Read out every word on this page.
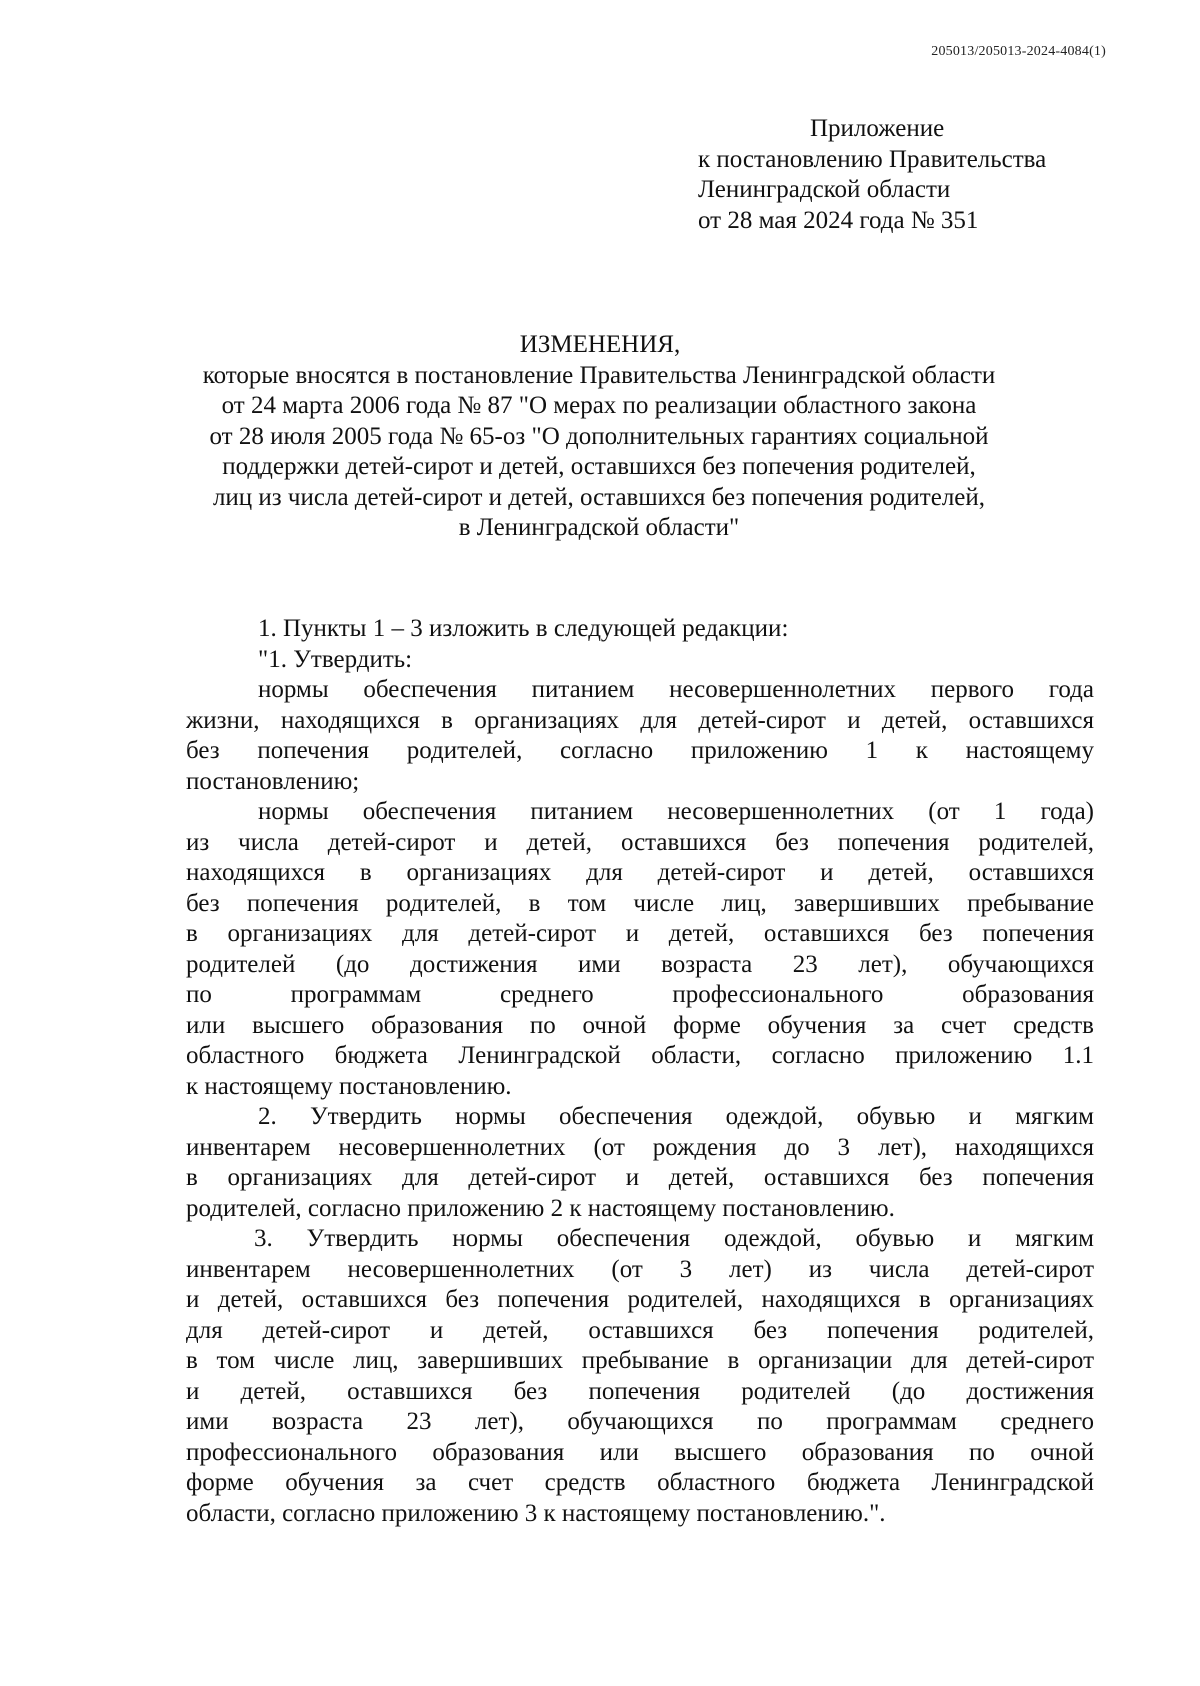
205013/205013-2024-4084(1)
Приложение
к постановлению Правительства
Ленинградской области
от 28 мая 2024 года № 351
ИЗМЕНЕНИЯ,
которые вносятся в постановление Правительства Ленинградской области
от 24 марта 2006 года № 87 "О мерах по реализации областного закона
от 28 июля 2005 года № 65-оз "О дополнительных гарантиях социальной
поддержки детей-сирот и детей, оставшихся без попечения родителей,
лиц из числа детей-сирот и детей, оставшихся без попечения родителей,
в Ленинградской области"
1. Пункты 1 – 3 изложить в следующей редакции:
"1. Утвердить:
нормы обеспечения питанием несовершеннолетних первого года
жизни, находящихся в организациях для детей-сирот и детей, оставшихся
без попечения родителей, согласно приложению 1 к настоящему
постановлению;
нормы обеспечения питанием несовершеннолетних (от 1 года)
из числа детей-сирот и детей, оставшихся без попечения родителей,
находящихся в организациях для детей-сирот и детей, оставшихся
без попечения родителей, в том числе лиц, завершивших пребывание
в организациях для детей-сирот и детей, оставшихся без попечения
родителей (до достижения ими возраста 23 лет), обучающихся
по программам среднего профессионального образования
или высшего образования по очной форме обучения за счет средств
областного бюджета Ленинградской области, согласно приложению 1.1
к настоящему постановлению.
2. Утвердить нормы обеспечения одеждой, обувью и мягким
инвентарем несовершеннолетних (от рождения до 3 лет), находящихся
в организациях для детей-сирот и детей, оставшихся без попечения
родителей, согласно приложению 2 к настоящему постановлению.
3. Утвердить нормы обеспечения одеждой, обувью и мягким
инвентарем несовершеннолетних (от 3 лет) из числа детей-сирот
и детей, оставшихся без попечения родителей, находящихся в организациях
для детей-сирот и детей, оставшихся без попечения родителей,
в том числе лиц, завершивших пребывание в организации для детей-сирот
и детей, оставшихся без попечения родителей (до достижения
ими возраста 23 лет), обучающихся по программам среднего
профессионального образования или высшего образования по очной
форме обучения за счет средств областного бюджета Ленинградской
области, согласно приложению 3 к настоящему постановлению.".
